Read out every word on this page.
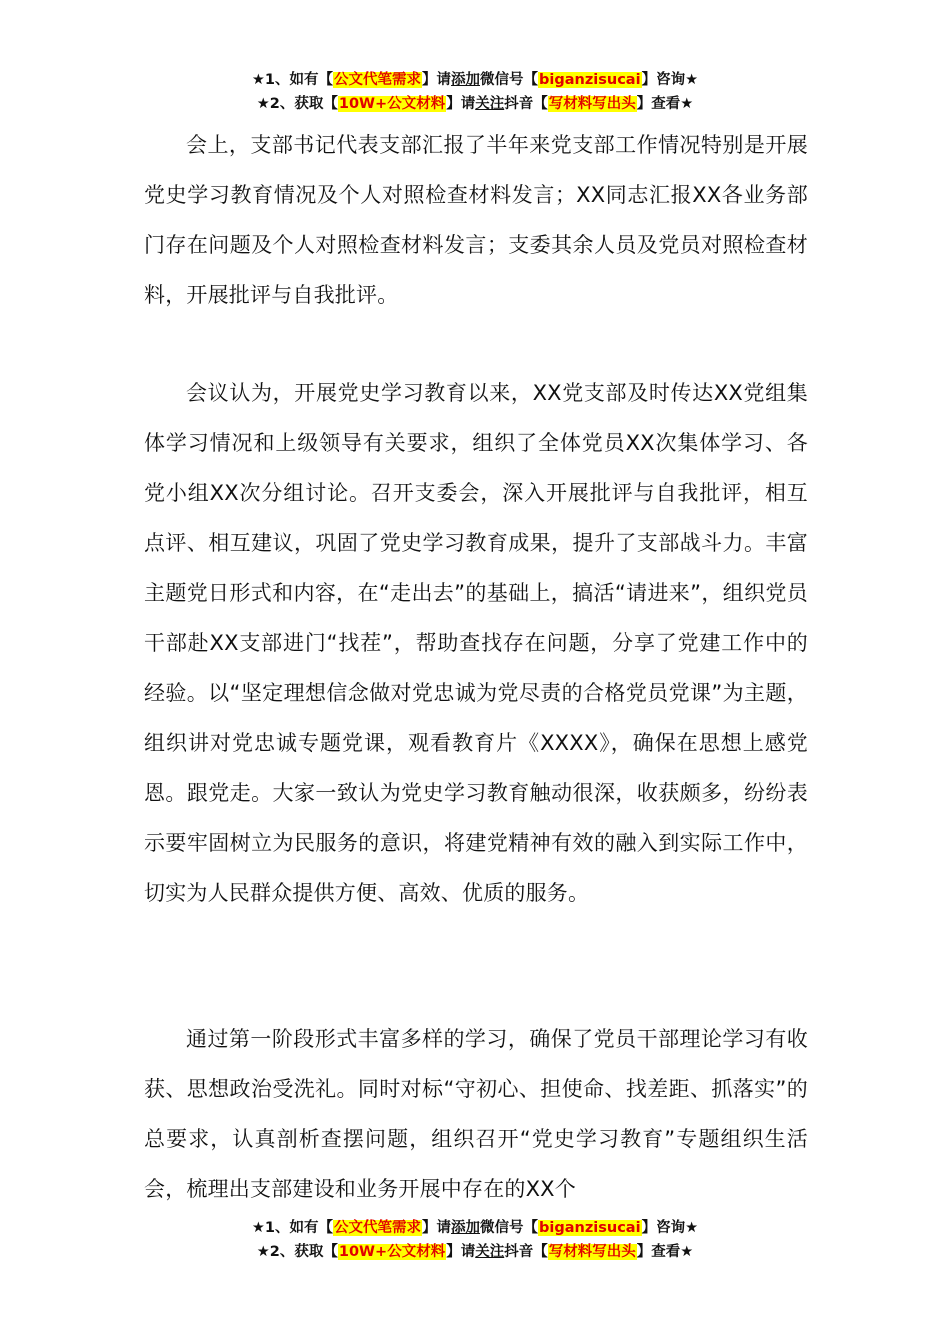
★1、如有【公文代笔需求】请添加微信号【biganzisucai】咨询★
★2、获取【10W+公文材料】请关注抖音【写材料写出头】查看★

会上，支部书记代表支部汇报了半年来党支部工作情况特别是开展党史学习教育情况及个人对照检查材料发言；XX同志汇报XX各业务部门存在问题及个人对照检查材料发言；支委其余人员及党员对照检查材料，开展批评与自我批评。

会议认为，开展党史学习教育以来，XX党支部及时传达XX党组集体学习情况和上级领导有关要求，组织了全体党员XX次集体学习、各党小组XX次分组讨论。召开支委会，深入开展批评与自我批评，相互点评、相互建议，巩固了党史学习教育成果，提升了支部战斗力。丰富主题党日形式和内容，在“走出去”的基础上，搞活“请进来”，组织党员干部赴XX支部进门“找茬”，帮助查找存在问题，分享了党建工作中的经验。以“坚定理想信念做对党忠诚为党尽责的合格党员党课”为主题，组织讲对党忠诚专题党课，观看教育片《XXXX》，确保在思想上感党恩。跟党走。大家一致认为党史学习教育触动很深，收获颇多，纷纷表示要牢固树立为民服务的意识，将建党精神有效的融入到实际工作中，切实为人民群众提供方便、高效、优质的服务。

通过第一阶段形式丰富多样的学习，确保了党员干部理论学习有收获、思想政治受洗礼。同时对标“守初心、担使命、找差距、抓落实”的总要求，认真剖析查摆问题，组织召开“党史学习教育”专题组织生活会，梳理出支部建设和业务开展中存在的XX个

★1、如有【公文代笔需求】请添加微信号【biganzisucai】咨询★
★2、获取【10W+公文材料】请关注抖音【写材料写出头】查看★
